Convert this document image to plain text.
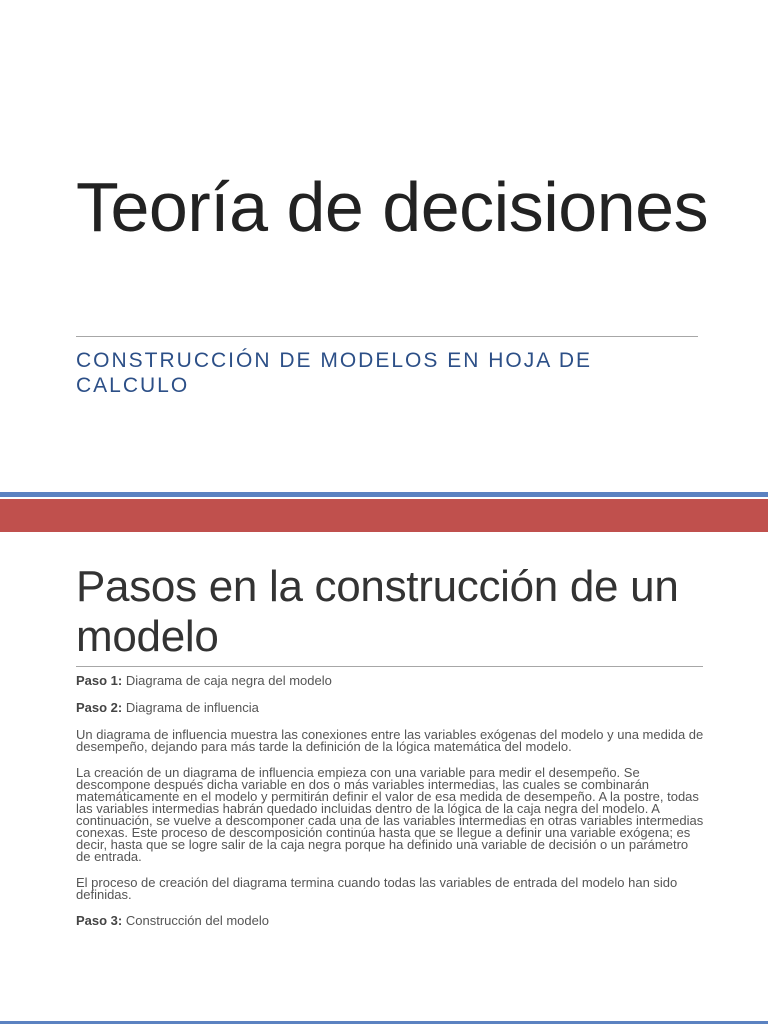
Teoría de decisiones
CONSTRUCCIÓN DE MODELOS EN HOJA DE CALCULO
Pasos en la construcción de un modelo

Paso 1: Diagrama de caja negra del modelo

Paso 2: Diagrama de influencia

Un diagrama de influencia muestra las conexiones entre las variables exógenas del modelo y una medida de desempeño, dejando para más tarde la definición de la lógica matemática del modelo.

La creación de un diagrama de influencia empieza con una variable para medir el desempeño. Se descompone después dicha variable en dos o más variables intermedias, las cuales se combinarán matemáticamente en el modelo y permitirán definir el valor de esa medida de desempeño. A la postre, todas las variables intermedias habrán quedado incluidas dentro de la lógica de la caja negra del modelo. A continuación, se vuelve a descomponer cada una de las variables intermedias en otras variables intermedias conexas. Este proceso de descomposición continúa hasta que se llegue a definir una variable exógena; es decir, hasta que se logre salir de la caja negra porque ha definido una variable de decisión o un parámetro de entrada.

El proceso de creación del diagrama termina cuando todas las variables de entrada del modelo han sido definidas.

Paso 3: Construcción del modelo
